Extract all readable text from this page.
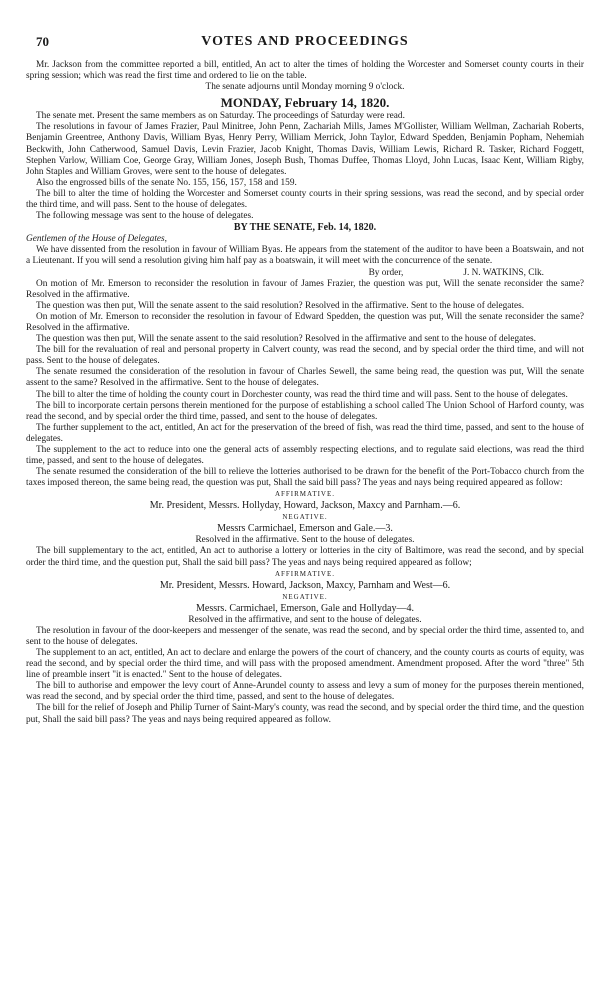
70	VOTES AND PROCEEDINGS

Mr. Jackson from the committee reported a bill, entitled, An act to alter the times of holding the Worcester and Somerset county courts in their spring session; which was read the first time and ordered to lie on the table.

The senate adjourns until Monday morning 9 o'clock.

MONDAY, February 14, 1820.

The senate met. Present the same members as on Saturday. The proceedings of Saturday were read.

The resolutions in favour of James Frazier, Paul Minitree, John Penn, Zachariah Mills, James M'Gollister, William Wellman, Zachariah Roberts, Benjamin Greentree, Anthony Davis, William Byas, Henry Perry, William Merrick, John Taylor, Edward Spedden, Benjamin Popham, Nehemiah Beckwith, John Catherwood, Samuel Davis, Levin Frazier, Jacob Knight, Thomas Davis, William Lewis, Richard R. Tasker, Richard Foggett, Stephen Varlow, William Coe, George Gray, William Jones, Joseph Bush, Thomas Duffee, Thomas Lloyd, John Lucas, Isaac Kent, William Rigby, John Staples and William Groves, were sent to the house of delegates.

Also the engrossed bills of the senate No. 155, 156, 157, 158 and 159.

The bill to alter the time of holding the Worcester and Somerset county courts in their spring sessions, was read the second, and by special order the third time, and will pass. Sent to the house of delegates.

The following message was sent to the house of delegates.

BY THE SENATE, Feb. 14, 1820.

Gentlemen of the House of Delegates,

We have dissented from the resolution in favour of William Byas. He appears from the statement of the auditor to have been a Boatswain, and not a Lieutenant. If you will send a resolution giving him half pay as a boatswain, it will meet with the concurrence of the senate.

By order,	J. N. WATKINS, Clk.

On motion of Mr. Emerson to reconsider the resolution in favour of James Frazier, the question was put, Will the senate reconsider the same? Resolved in the affirmative.

The question was then put, Will the senate assent to the said resolution? Resolved in the affirmative. Sent to the house of delegates.

On motion of Mr. Emerson to reconsider the resolution in favour of Edward Spedden, the question was put, Will the senate reconsider the same? Resolved in the affirmative.

The question was then put, Will the senate assent to the said resolution? Resolved in the affirmative and sent to the house of delegates.

The bill for the revaluation of real and personal property in Calvert county, was read the second, and by special order the third time, and will not pass. Sent to the house of delegates.

The senate resumed the consideration of the resolution in favour of Charles Sewell, the same being read, the question was put, Will the senate assent to the same? Resolved in the affirmative. Sent to the house of delegates.

The bill to alter the time of holding the county court in Dorchester county, was read the third time and will pass. Sent to the house of delegates.

The bill to incorporate certain persons therein mentioned for the purpose of establishing a school called The Union School of Harford county, was read the second, and by special order the third time, passed, and sent to the house of delegates.

The further supplement to the act, entitled, An act for the preservation of the breed of fish, was read the third time, passed, and sent to the house of delegates.

The supplement to the act to reduce into one the general acts of assembly respecting elections, and to regulate said elections, was read the third time, passed, and sent to the house of delegates.

The senate resumed the consideration of the bill to relieve the lotteries authorised to be drawn for the benefit of the Port-Tobacco church from the taxes imposed thereon, the same being read, the question was put, Shall the said bill pass? The yeas and nays being required appeared as follow:

AFFIRMATIVE.
Mr. President, Messrs. Hollyday, Howard, Jackson, Maxcy and Parnham.—6.
NEGATIVE.
Messrs Carmichael, Emerson and Gale.—3.

Resolved in the affirmative. Sent to the house of delegates.

The bill supplementary to the act, entitled, An act to authorise a lottery or lotteries in the city of Baltimore, was read the second, and by special order the third time, and the question put, Shall the said bill pass? The yeas and nays being required appeared as follow;

AFFIRMATIVE.
Mr. President, Messrs. Howard, Jackson, Maxcy, Parnham and West—6.
NEGATIVE.
Messrs. Carmichael, Emerson, Gale and Hollyday—4.

Resolved in the affirmative, and sent to the house of delegates.

The resolution in favour of the door-keepers and messenger of the senate, was read the second, and by special order the third time, assented to, and sent to the house of delegates.

The supplement to an act, entitled, An act to declare and enlarge the powers of the court of chancery, and the county courts as courts of equity, was read the second, and by special order the third time, and will pass with the proposed amendment. Amendment proposed. After the word "three" 5th line of preamble insert "it is enacted." Sent to the house of delegates.

The bill to authorise and empower the levy court of Anne-Arundel county to assess and levy a sum of money for the purposes therein mentioned, was read the second, and by special order the third time, passed, and sent to the house of delegates.

The bill for the relief of Joseph and Philip Turner of Saint-Mary's county, was read the second, and by special order the third time, and the question put, Shall the said bill pass? The yeas and nays being required appeared as follow.
